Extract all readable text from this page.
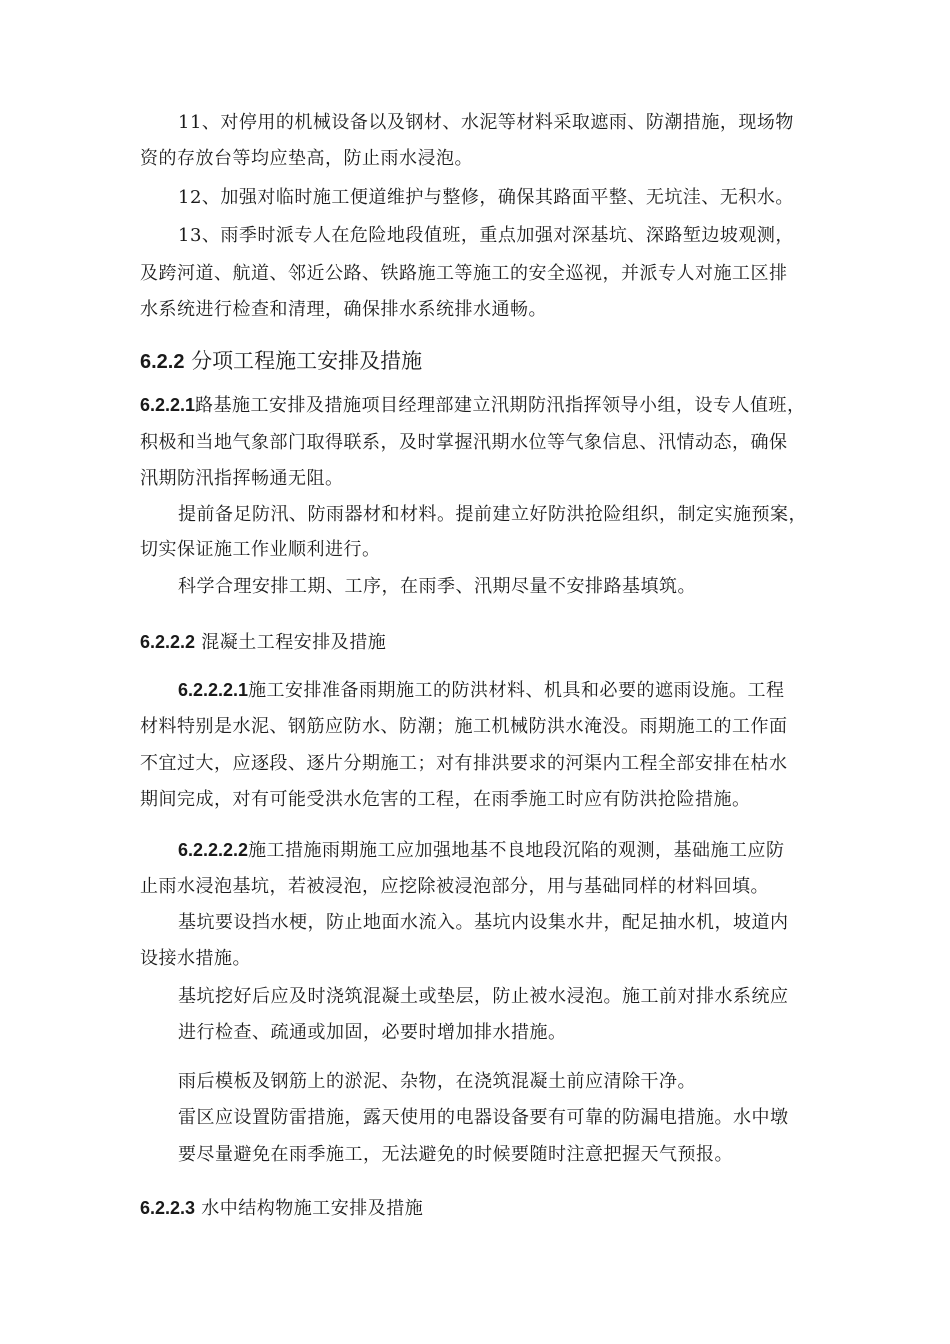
11、对停用的机械设备以及钢材、水泥等材料采取遮雨、防潮措施，现场物
资的存放台等均应垫高，防止雨水浸泡。
12、加强对临时施工便道维护与整修，确保其路面平整、无坑洼、无积水。
13、雨季时派专人在危险地段值班，重点加强对深基坑、深路堑边坡观测，
及跨河道、航道、邻近公路、铁路施工等施工的安全巡视，并派专人对施工区排
水系统进行检查和清理，确保排水系统排水通畅。
6.2.2 分项工程施工安排及措施
6.2.2.1路基施工安排及措施项目经理部建立汛期防汛指挥领导小组，设专人值班，
积极和当地气象部门取得联系，及时掌握汛期水位等气象信息、汛情动态，确保
汛期防汛指挥畅通无阻。
提前备足防汛、防雨器材和材料。提前建立好防洪抢险组织，制定实施预案，
切实保证施工作业顺利进行。
科学合理安排工期、工序，在雨季、汛期尽量不安排路基填筑。
6.2.2.2 混凝土工程安排及措施
6.2.2.2.1施工安排准备雨期施工的防洪材料、机具和必要的遮雨设施。工程
材料特别是水泥、钢筋应防水、防潮；施工机械防洪水淹没。雨期施工的工作面
不宜过大，应逐段、逐片分期施工；对有排洪要求的河渠内工程全部安排在枯水
期间完成，对有可能受洪水危害的工程，在雨季施工时应有防洪抢险措施。
6.2.2.2.2施工措施雨期施工应加强地基不良地段沉陷的观测，基础施工应防
止雨水浸泡基坑，若被浸泡，应挖除被浸泡部分，用与基础同样的材料回填。
基坑要设挡水梗，防止地面水流入。基坑内设集水井，配足抽水机，坡道内
设接水措施。
基坑挖好后应及时浇筑混凝土或垫层，防止被水浸泡。施工前对排水系统应
进行检查、疏通或加固，必要时增加排水措施。
雨后模板及钢筋上的淤泥、杂物，在浇筑混凝土前应清除干净。
雷区应设置防雷措施，露天使用的电器设备要有可靠的防漏电措施。水中墩
要尽量避免在雨季施工，无法避免的时候要随时注意把握天气预报。
6.2.2.3 水中结构物施工安排及措施
